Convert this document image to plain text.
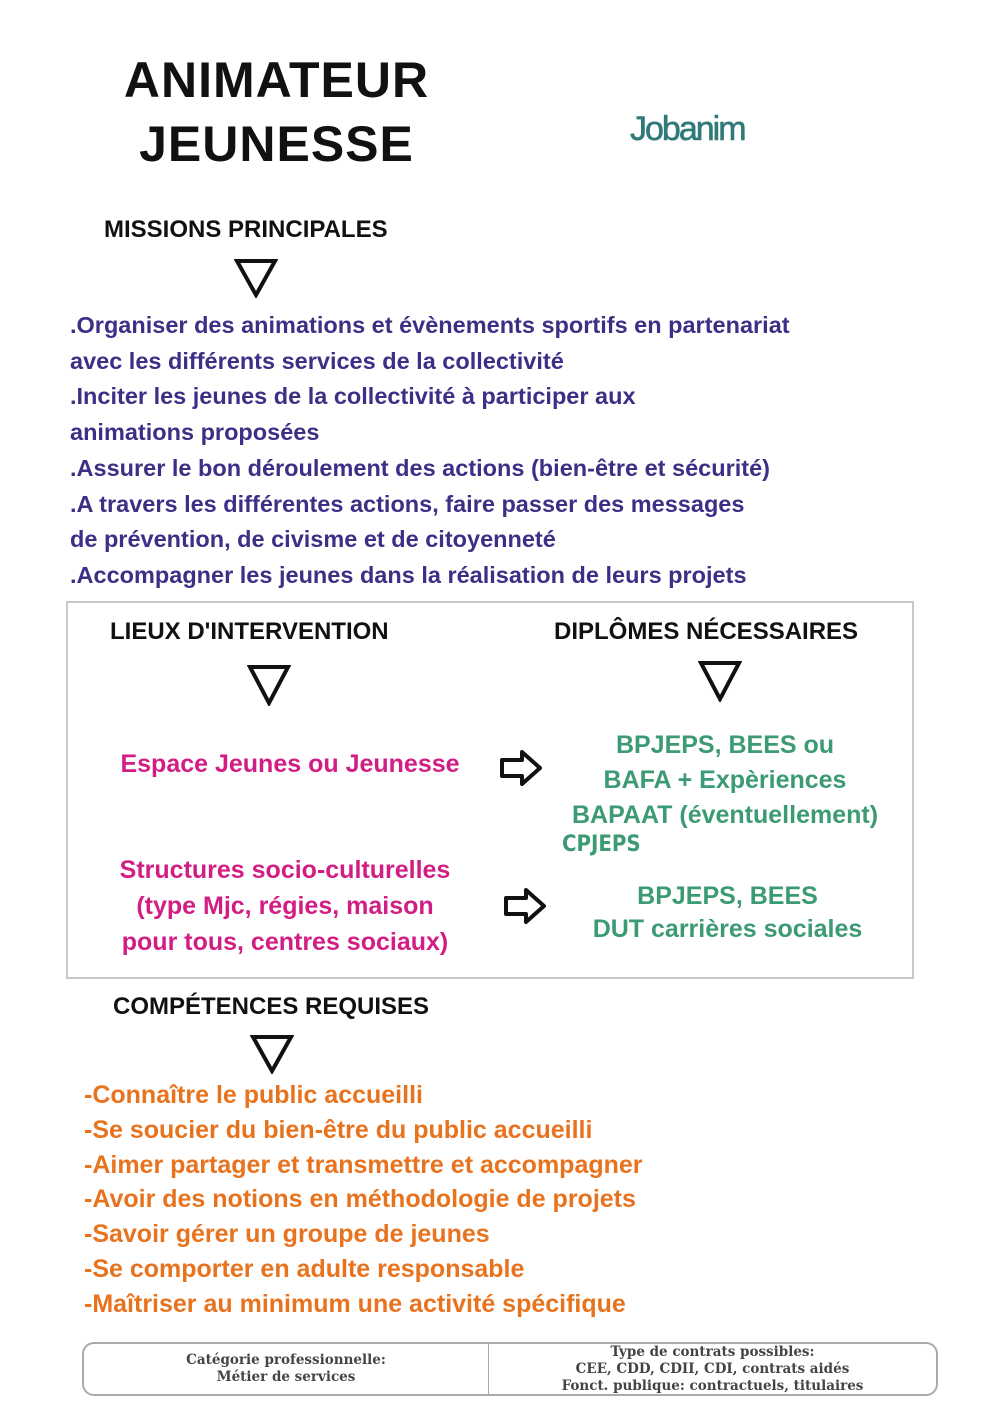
ANIMATEUR
JEUNESSE	Jobanim
MISSIONS PRINCIPALES
.Organiser des animations et évènements sportifs en partenariat
avec les différents services de la collectivité
.Inciter les jeunes de la collectivité à participer aux
animations proposées
.Assurer le bon déroulement des actions (bien-être et sécurité)
.A travers les différentes actions, faire passer des messages
de prévention, de civisme et de citoyenneté
.Accompagner les jeunes dans la réalisation de leurs projets
LIEUX D'INTERVENTION	DIPLÔMES NÉCESSAIRES
Espace Jeunes ou Jeunesse
BPJEPS, BEES ou
BAFA + Expèriences
BAPAAT (éventuellement)
CPJEPS
Structures socio-culturelles
(type Mjc, régies, maison
pour tous, centres sociaux)
BPJEPS, BEES
DUT carrières sociales
COMPÉTENCES REQUISES
-Connaître le public accueilli
-Se soucier du bien-être du public accueilli
-Aimer partager et transmettre et accompagner
-Avoir des notions en méthodologie de projets
-Savoir gérer un groupe de jeunes
-Se comporter en adulte responsable
-Maîtriser au minimum une activité spécifique
Catégorie professionnelle:
Métier de services
Type de contrats possibles:
CEE, CDD, CDII, CDI, contrats aidés
Fonct. publique: contractuels, titulaires
